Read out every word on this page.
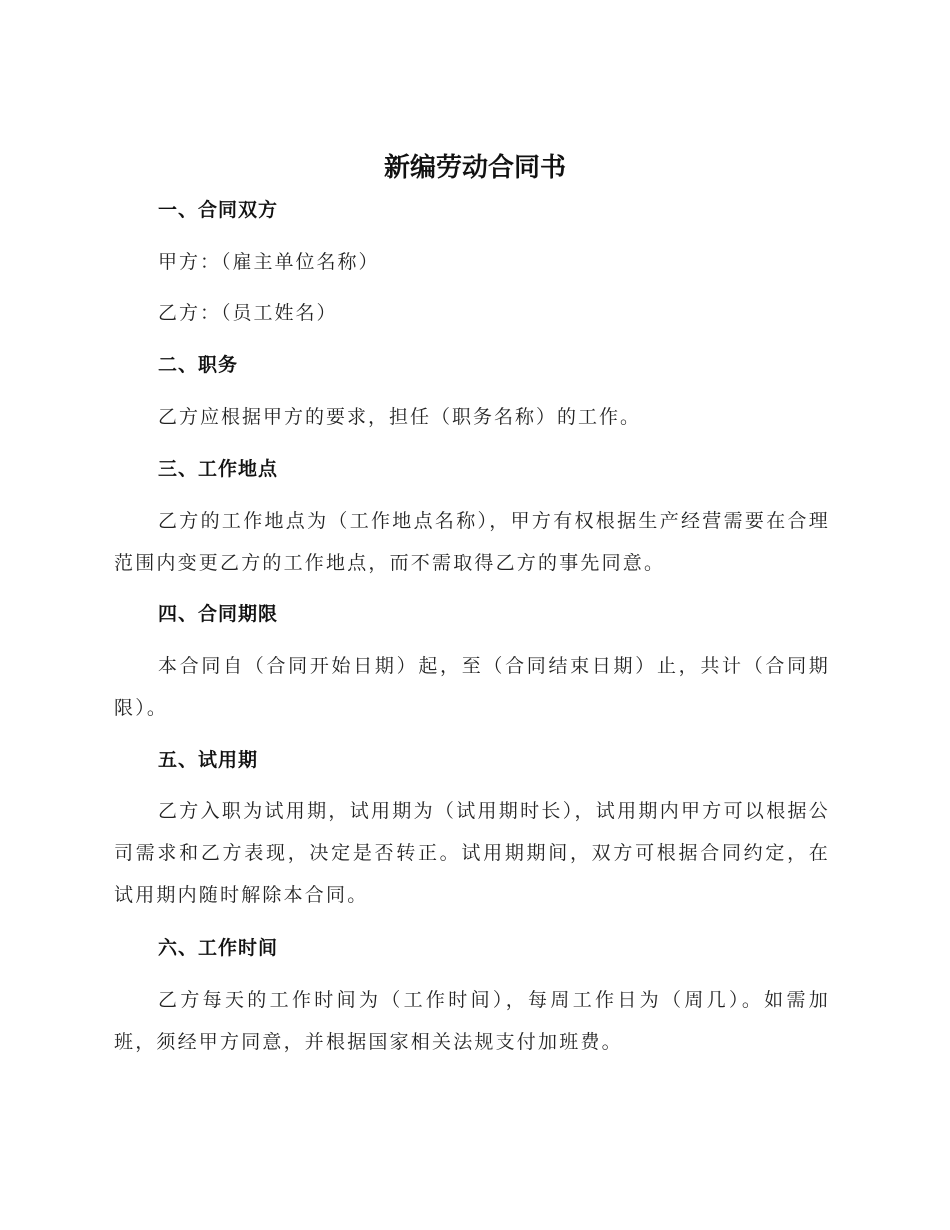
新编劳动合同书
一、合同双方
甲方：（雇主单位名称）
乙方：（员工姓名）
二、职务
乙方应根据甲方的要求，担任（职务名称）的工作。
三、工作地点

乙方的工作地点为（工作地点名称），甲方有权根据生产经营需要在合理范围内变更乙方的工作地点，而不需取得乙方的事先同意。

四、合同期限

本合同自（合同开始日期）起，至（合同结束日期）止，共计（合同期限）。

五、试用期

乙方入职为试用期，试用期为（试用期时长），试用期内甲方可以根据公司需求和乙方表现，决定是否转正。试用期期间，双方可根据合同约定，在试用期内随时解除本合同。

六、工作时间

乙方每天的工作时间为（工作时间），每周工作日为（周几）。如需加班，须经甲方同意，并根据国家相关法规支付加班费。
